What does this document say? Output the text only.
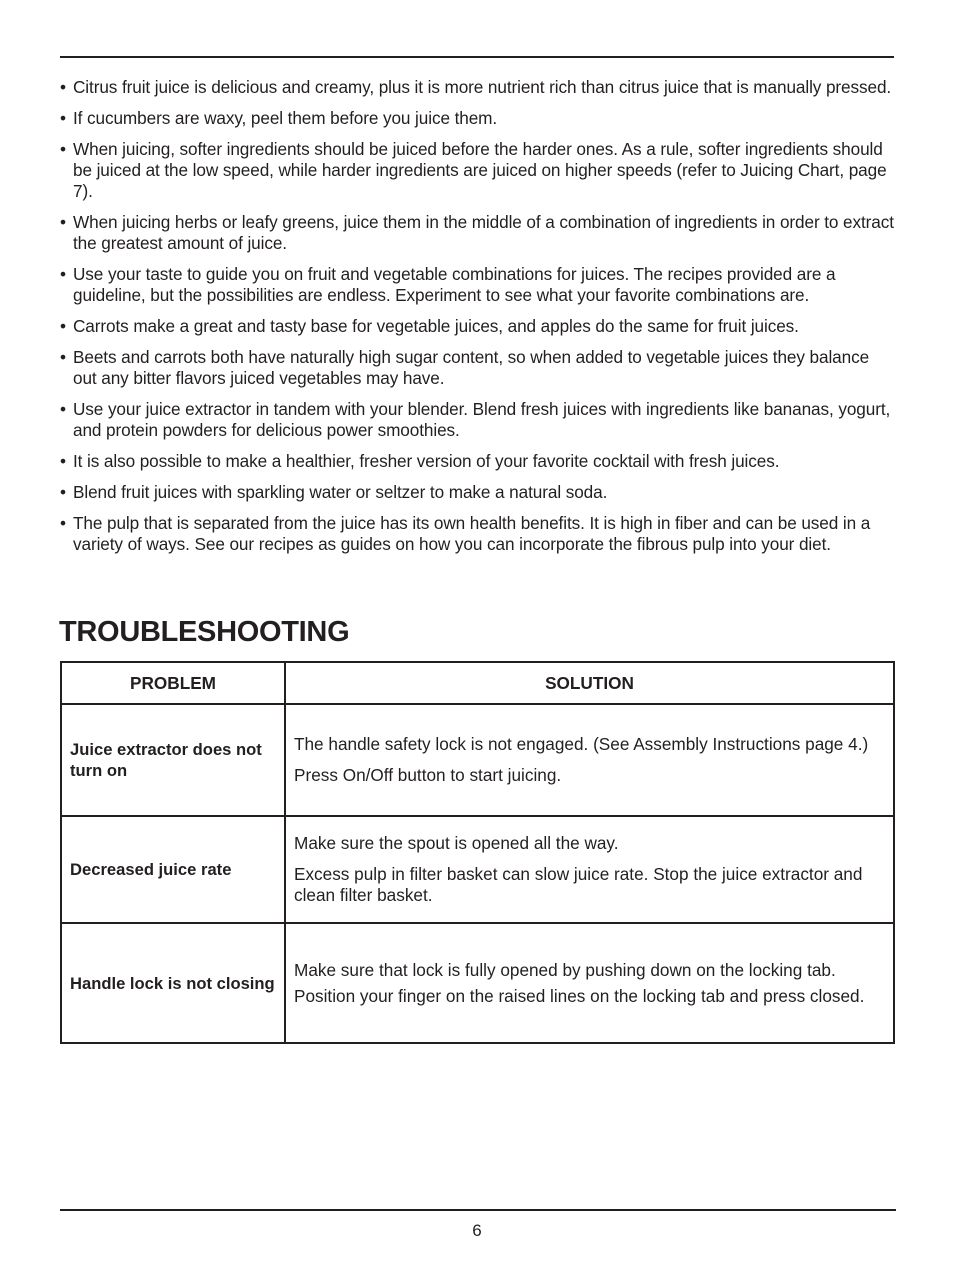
• Citrus fruit juice is delicious and creamy, plus it is more nutrient rich than citrus juice that is manually pressed.
• If cucumbers are waxy, peel them before you juice them.
• When juicing, softer ingredients should be juiced before the harder ones. As a rule, softer ingredients should be juiced at the low speed, while harder ingredients are juiced on higher speeds (refer to Juicing Chart, page 7).
• When juicing herbs or leafy greens, juice them in the middle of a combination of ingredients in order to extract the greatest amount of juice.
• Use your taste to guide you on fruit and vegetable combinations for juices. The recipes provided are a guideline, but the possibilities are endless. Experiment to see what your favorite combinations are.
• Carrots make a great and tasty base for vegetable juices, and apples do the same for fruit juices.
• Beets and carrots both have naturally high sugar content, so when added to vegetable juices they balance out any bitter flavors juiced vegetables may have.
• Use your juice extractor in tandem with your blender. Blend fresh juices with ingredients like bananas, yogurt, and protein powders for delicious power smoothies.
• It is also possible to make a healthier, fresher version of your favorite cocktail with fresh juices.
• Blend fruit juices with sparkling water or seltzer to make a natural soda.
• The pulp that is separated from the juice has its own health benefits. It is high in fiber and can be used in a variety of ways. See our recipes as guides on how you can incorporate the fibrous pulp into your diet.
TROUBLESHOOTING
PROBLEM	SOLUTION
Juice extractor does not turn on	The handle safety lock is not engaged. (See Assembly Instructions page 4.)

Press On/Off button to start juicing.

Decreased juice rate	Make sure the spout is opened all the way.

Excess pulp in filter basket can slow juice rate. Stop the juice extractor and clean filter basket.

Handle lock is not closing	Make sure that lock is fully opened by pushing down on the locking tab.

Position your finger on the raised lines on the locking tab and press closed.

6
